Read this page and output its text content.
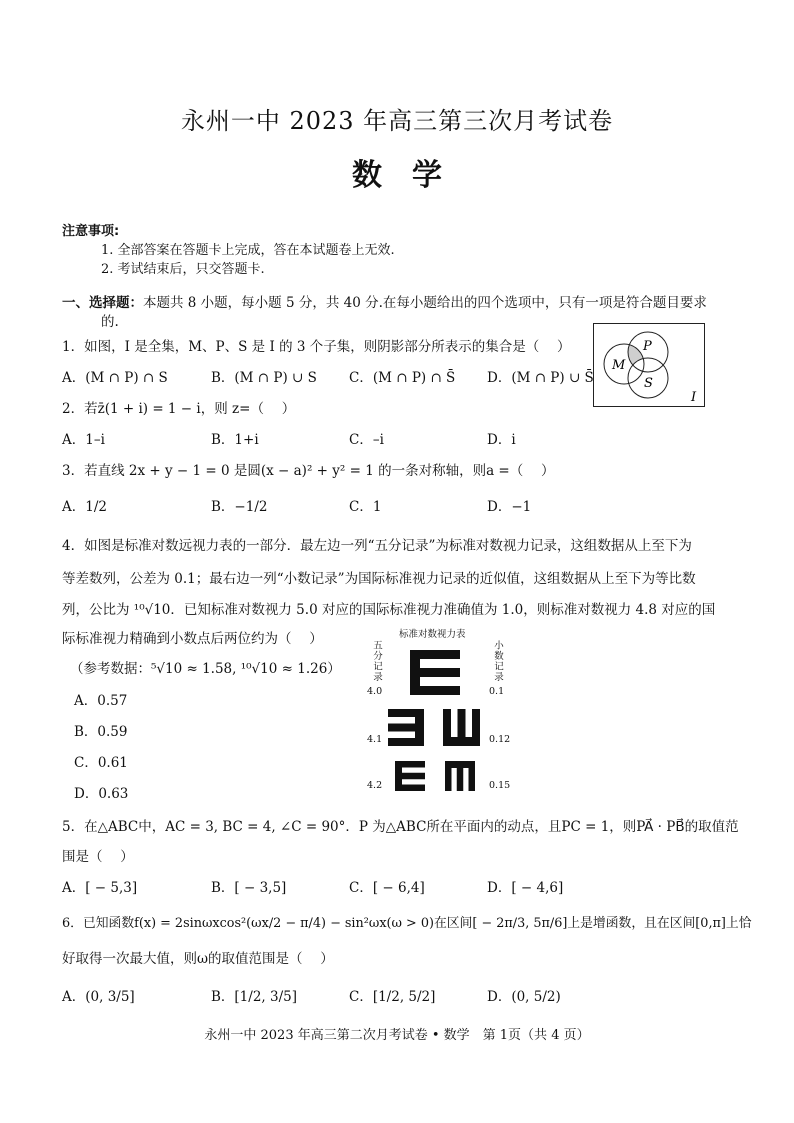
永州一中 2023 年高三第三次月考试卷
数学
注意事项:
1. 全部答案在答题卡上完成，答在本试题卷上无效.
2. 考试结束后，只交答题卡.
一、选择题：本题共 8 小题，每小题 5 分，共 40 分.在每小题给出的四个选项中，只有一项是符合题目要求
的.
1．如图，I 是全集，M、P、S 是 I 的 3 个子集，则阴影部分所表示的集合是（　 ）
A．(M ∩ P) ∩ S	B．(M ∩ P) ∪ S C．(M ∩ P) ∩ S̄ D．(M ∩ P) ∪ S̄
M
P
S
I
2．若z̄(1 + i) = 1 − i，则 z=（　 ）
A．1–i	B．1+i	C．–i	D．i
3．若直线 2x + y − 1 = 0 是圆(x − a)² + y² = 1 的一条对称轴，则a =（　 ）
A．1/2	B．−1/2	C．1	D．−1
4．如图是标准对数远视力表的一部分．最左边一列“五分记录”为标准对数视力记录，这组数据从上至下为
等差数列，公差为 0.1；最右边一列“小数记录”为国际标准视力记录的近似值，这组数据从上至下为等比数
列，公比为 ¹⁰√10．已知标准对数视力 5.0 对应的国际标准视力准确值为 1.0，则标准对数视力 4.8 对应的国
际标准视力精确到小数点后两位约为（　 ）
（参考数据：⁵√10 ≈ 1.58, ¹⁰√10 ≈ 1.26）
A．0.57
B．0.59
C．0.61
D．0.63
标准对数视力表
五分记录	小数记录
4.0	0.1
4.1	0.12
4.2	0.15
5．在△ABC中，AC = 3, BC = 4, ∠C = 90°．P 为△ABC所在平面内的动点，且PC = 1，则PA⃗ · PB⃗的取值范
围是（　 ）
A．[ − 5,3]	B．[ − 3,5]	C．[ − 6,4]	D．[ − 4,6]
6．已知函数f(x) = 2sinωxcos²(ωx/2 − π/4) − sin²ωx(ω > 0)在区间[ − 2π/3, 5π/6]上是增函数，且在区间[0,π]上恰
好取得一次最大值，则ω的取值范围是（　 ）
A．(0, 3/5]	B．[1/2, 3/5]	C．[1/2, 5/2]	D．(0, 5/2)
永州一中 2023 年高三第二次月考试卷 • 数学　第 1页（共 4 页）
